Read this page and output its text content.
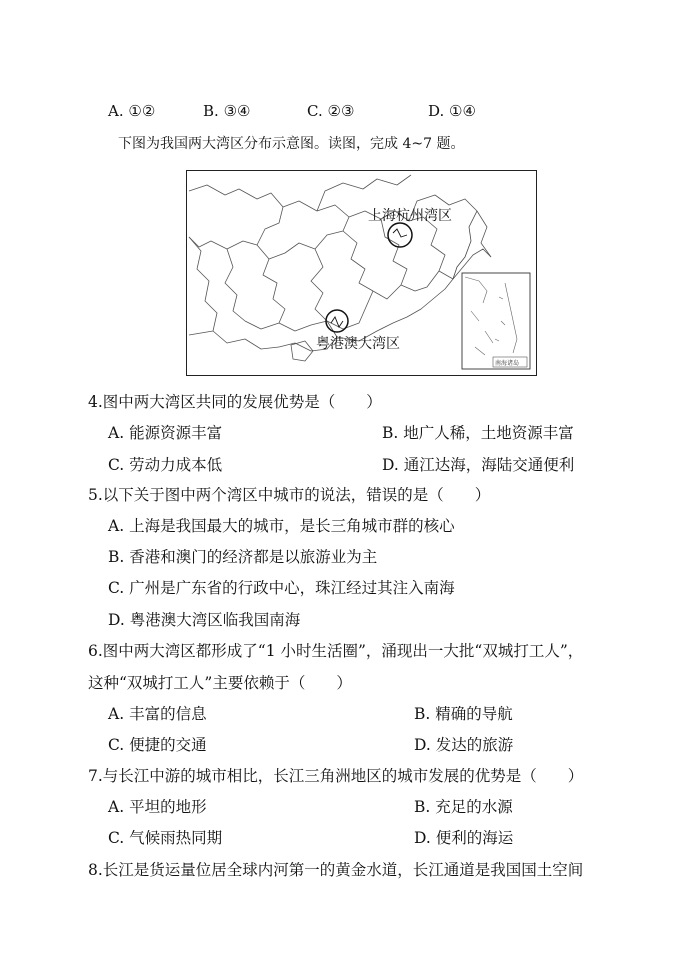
A. ①②	B. ③④	C. ②③	D. ①④
下图为我国两大湾区分布示意图。读图，完成 4~7 题。
上海杭州湾区
粤港澳大湾区
南海诸岛
4.图中两大湾区共同的发展优势是（　　）
A. 能源资源丰富	B. 地广人稀，土地资源丰富
C. 劳动力成本低	D. 通江达海，海陆交通便利
5.以下关于图中两个湾区中城市的说法，错误的是（　　）
A. 上海是我国最大的城市，是长三角城市群的核心
B. 香港和澳门的经济都是以旅游业为主
C. 广州是广东省的行政中心，珠江经过其注入南海
D. 粤港澳大湾区临我国南海
6.图中两大湾区都形成了“1 小时生活圈”，涌现出一大批“双城打工人”，
这种“双城打工人”主要依赖于（　　）
A. 丰富的信息	B. 精确的导航
C. 便捷的交通	D. 发达的旅游
7.与长江中游的城市相比，长江三角洲地区的城市发展的优势是（　　）
A. 平坦的地形	B. 充足的水源
C. 气候雨热同期	D. 便利的海运
8.长江是货运量位居全球内河第一的黄金水道，长江通道是我国国土空间
